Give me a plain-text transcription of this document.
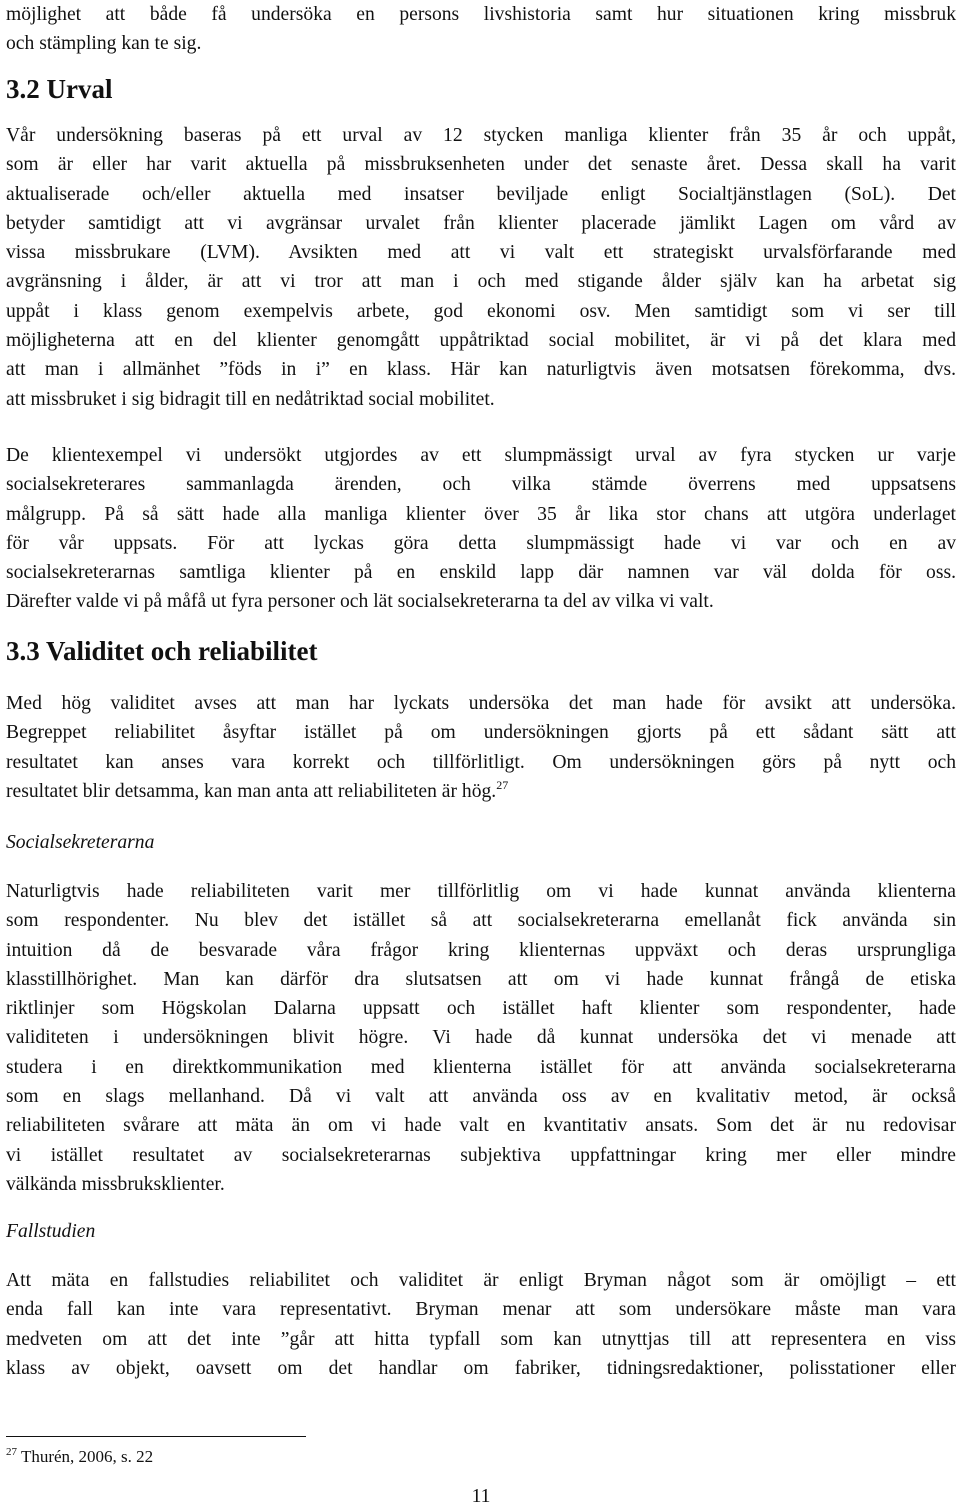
möjlighet att både få undersöka en persons livshistoria samt hur situationen kring missbruk
och stämpling kan te sig.

3.2 Urval

Vår undersökning baseras på ett urval av 12 stycken manliga klienter från 35 år och uppåt,
som är eller har varit aktuella på missbruksenheten under det senaste året. Dessa skall ha varit
aktualiserade och/eller aktuella med insatser beviljade enligt Socialtjänstlagen (SoL). Det
betyder samtidigt att vi avgränsar urvalet från klienter placerade jämlikt Lagen om vård av
vissa missbrukare (LVM). Avsikten med att vi valt ett strategiskt urvalsförfarande med
avgränsning i ålder, är att vi tror att man i och med stigande ålder själv kan ha arbetat sig
uppåt i klass genom exempelvis arbete, god ekonomi osv. Men samtidigt som vi ser till
möjligheterna att en del klienter genomgått uppåtriktad social mobilitet, är vi på det klara med
att man i allmänhet ”föds in i” en klass. Här kan naturligtvis även motsatsen förekomma, dvs.
att missbruket i sig bidragit till en nedåtriktad social mobilitet.

De klientexempel vi undersökt utgjordes av ett slumpmässigt urval av fyra stycken ur varje
socialsekreterares sammanlagda ärenden, och vilka stämde överrens med uppsatsens
målgrupp. På så sätt hade alla manliga klienter över 35 år lika stor chans att utgöra underlaget
för vår uppsats. För att lyckas göra detta slumpmässigt hade vi var och en av
socialsekreterarnas samtliga klienter på en enskild lapp där namnen var väl dolda för oss.
Därefter valde vi på måfå ut fyra personer och lät socialsekreterarna ta del av vilka vi valt.

3.3 Validitet och reliabilitet

Med hög validitet avses att man har lyckats undersöka det man hade för avsikt att undersöka.
Begreppet reliabilitet åsyftar istället på om undersökningen gjorts på ett sådant sätt att
resultatet kan anses vara korrekt och tillförlitligt. Om undersökningen görs på nytt och
resultatet blir detsamma, kan man anta att reliabiliteten är hög.$^{27}$

Socialsekreterarna

Naturligtvis hade reliabiliteten varit mer tillförlitlig om vi hade kunnat använda klienterna
som respondenter. Nu blev det istället så att socialsekreterarna emellanåt fick använda sin
intuition då de besvarade våra frågor kring klienternas uppväxt och deras ursprungliga
klasstillhörighet. Man kan därför dra slutsatsen att om vi hade kunnat frångå de etiska
riktlinjer som Högskolan Dalarna uppsatt och istället haft klienter som respondenter, hade
validiteten i undersökningen blivit högre. Vi hade då kunnat undersöka det vi menade att
studera i en direktkommunikation med klienterna istället för att använda socialsekreterarna
som en slags mellanhand. Då vi valt att använda oss av en kvalitativ metod, är också
reliabiliteten svårare att mäta än om vi hade valt en kvantitativ ansats. Som det är nu redovisar
vi istället resultatet av socialsekreterarnas subjektiva uppfattningar kring mer eller mindre
välkända missbruksklienter.

Fallstudien

Att mäta en fallstudies reliabilitet och validitet är enligt Bryman något som är omöjligt – ett
enda fall kan inte vara representativt. Bryman menar att som undersökare måste man vara
medveten om att det inte ”går att hitta typfall som kan utnyttjas till att representera en viss
klass av objekt, oavsett om det handlar om fabriker, tidningsredaktioner, polisstationer eller

$^{27}$ Thurén, 2006, s. 22
11
